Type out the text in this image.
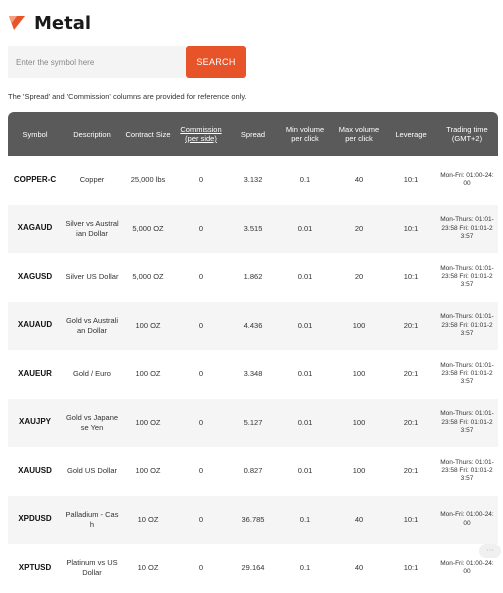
Metal
Enter the symbol here
SEARCH
The 'Spread' and 'Commission' columns are provided for reference only.
Symbol	Description	Contract Size	Commission (per side)	Spread	Min volume per click	Max volume per click	Leverage	Trading time (GMT+2)
COPPER-C	Copper	25,000 lbs	0	3.132	0.1	40	10:1	Mon-Fri: 01:00-24:00
XAGAUD	Silver vs Australian Dollar	5,000 OZ	0	3.515	0.01	20	10:1	Mon-Thurs: 01:01-23:58 Fri: 01:01-23:57
XAGUSD	Silver US Dollar	5,000 OZ	0	1.862	0.01	20	10:1	Mon-Thurs: 01:01-23:58 Fri: 01:01-23:57
XAUAUD	Gold vs Australian Dollar	100 OZ	0	4.436	0.01	100	20:1	Mon-Thurs: 01:01-23:58 Fri: 01:01-23:57
XAUEUR	Gold / Euro	100 OZ	0	3.348	0.01	100	20:1	Mon-Thurs: 01:01-23:58 Fri: 01:01-23:57
XAUJPY	Gold vs Japanese Yen	100 OZ	0	5.127	0.01	100	20:1	Mon-Thurs: 01:01-23:58 Fri: 01:01-23:57
XAUUSD	Gold US Dollar	100 OZ	0	0.827	0.01	100	20:1	Mon-Thurs: 01:01-23:58 Fri: 01:01-23:57
XPDUSD	Palladium - Cash	10 OZ	0	36.785	0.1	40	10:1	Mon-Fri: 01:00-24:00
XPTUSD	Platinum vs US Dollar	10 OZ	0	29.164	0.1	40	10:1	Mon-Fri: 01:00-24:00
···
